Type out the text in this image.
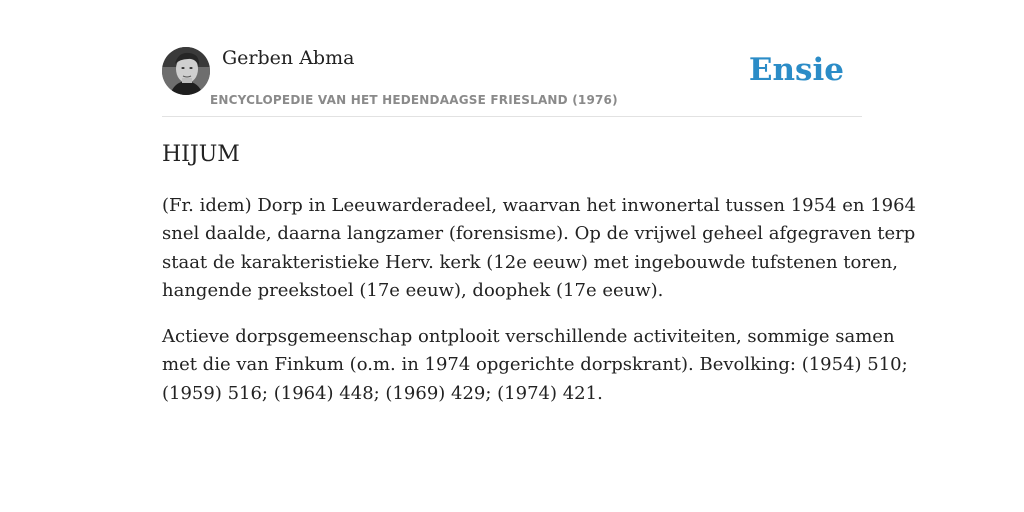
Gerben Abma
ENCYCLOPEDIE VAN HET HEDENDAAGSE FRIESLAND (1976)
Ensie
HIJUM

(Fr. idem) Dorp in Leeuwarderadeel, waarvan het inwonertal tussen 1954 en 1964
snel daalde, daarna langzamer (forensisme). Op de vrijwel geheel afgegraven terp
staat de karakteristieke Herv. kerk (12e eeuw) met ingebouwde tufstenen toren,
hangende preekstoel (17e eeuw), doophek (17e eeuw).

Actieve dorpsgemeenschap ontplooit verschillende activiteiten, sommige samen
met die van Finkum (o.m. in 1974 opgerichte dorpskrant). Bevolking: (1954) 510;
(1959) 516; (1964) 448; (1969) 429; (1974) 421.
